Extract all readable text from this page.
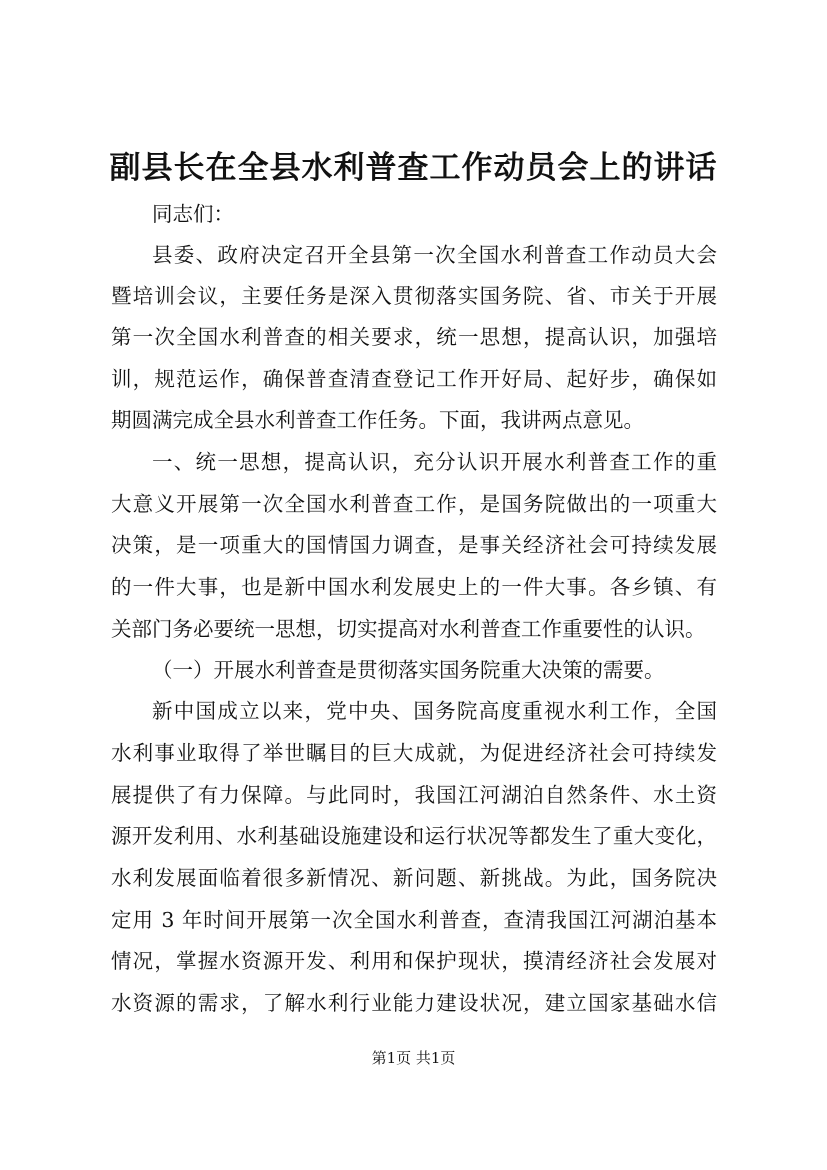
副县长在全县水利普查工作动员会上的讲话
同志们：
县委、政府决定召开全县第一次全国水利普查工作动员大会
暨培训会议，主要任务是深入贯彻落实国务院、省、市关于开展
第一次全国水利普查的相关要求，统一思想，提高认识，加强培
训，规范运作，确保普查清查登记工作开好局、起好步，确保如
期圆满完成全县水利普查工作任务。下面，我讲两点意见。
一、统一思想，提高认识，充分认识开展水利普查工作的重
大意义开展第一次全国水利普查工作，是国务院做出的一项重大
决策，是一项重大的国情国力调查，是事关经济社会可持续发展
的一件大事，也是新中国水利发展史上的一件大事。各乡镇、有
关部门务必要统一思想，切实提高对水利普查工作重要性的认识。
（一）开展水利普查是贯彻落实国务院重大决策的需要。
新中国成立以来，党中央、国务院高度重视水利工作，全国
水利事业取得了举世瞩目的巨大成就，为促进经济社会可持续发
展提供了有力保障。与此同时，我国江河湖泊自然条件、水土资
源开发利用、水利基础设施建设和运行状况等都发生了重大变化，
水利发展面临着很多新情况、新问题、新挑战。为此，国务院决
定用 3 年时间开展第一次全国水利普查，查清我国江河湖泊基本
情况，掌握水资源开发、利用和保护现状，摸清经济社会发展对
水资源的需求，了解水利行业能力建设状况，建立国家基础水信
第1页 共1页
